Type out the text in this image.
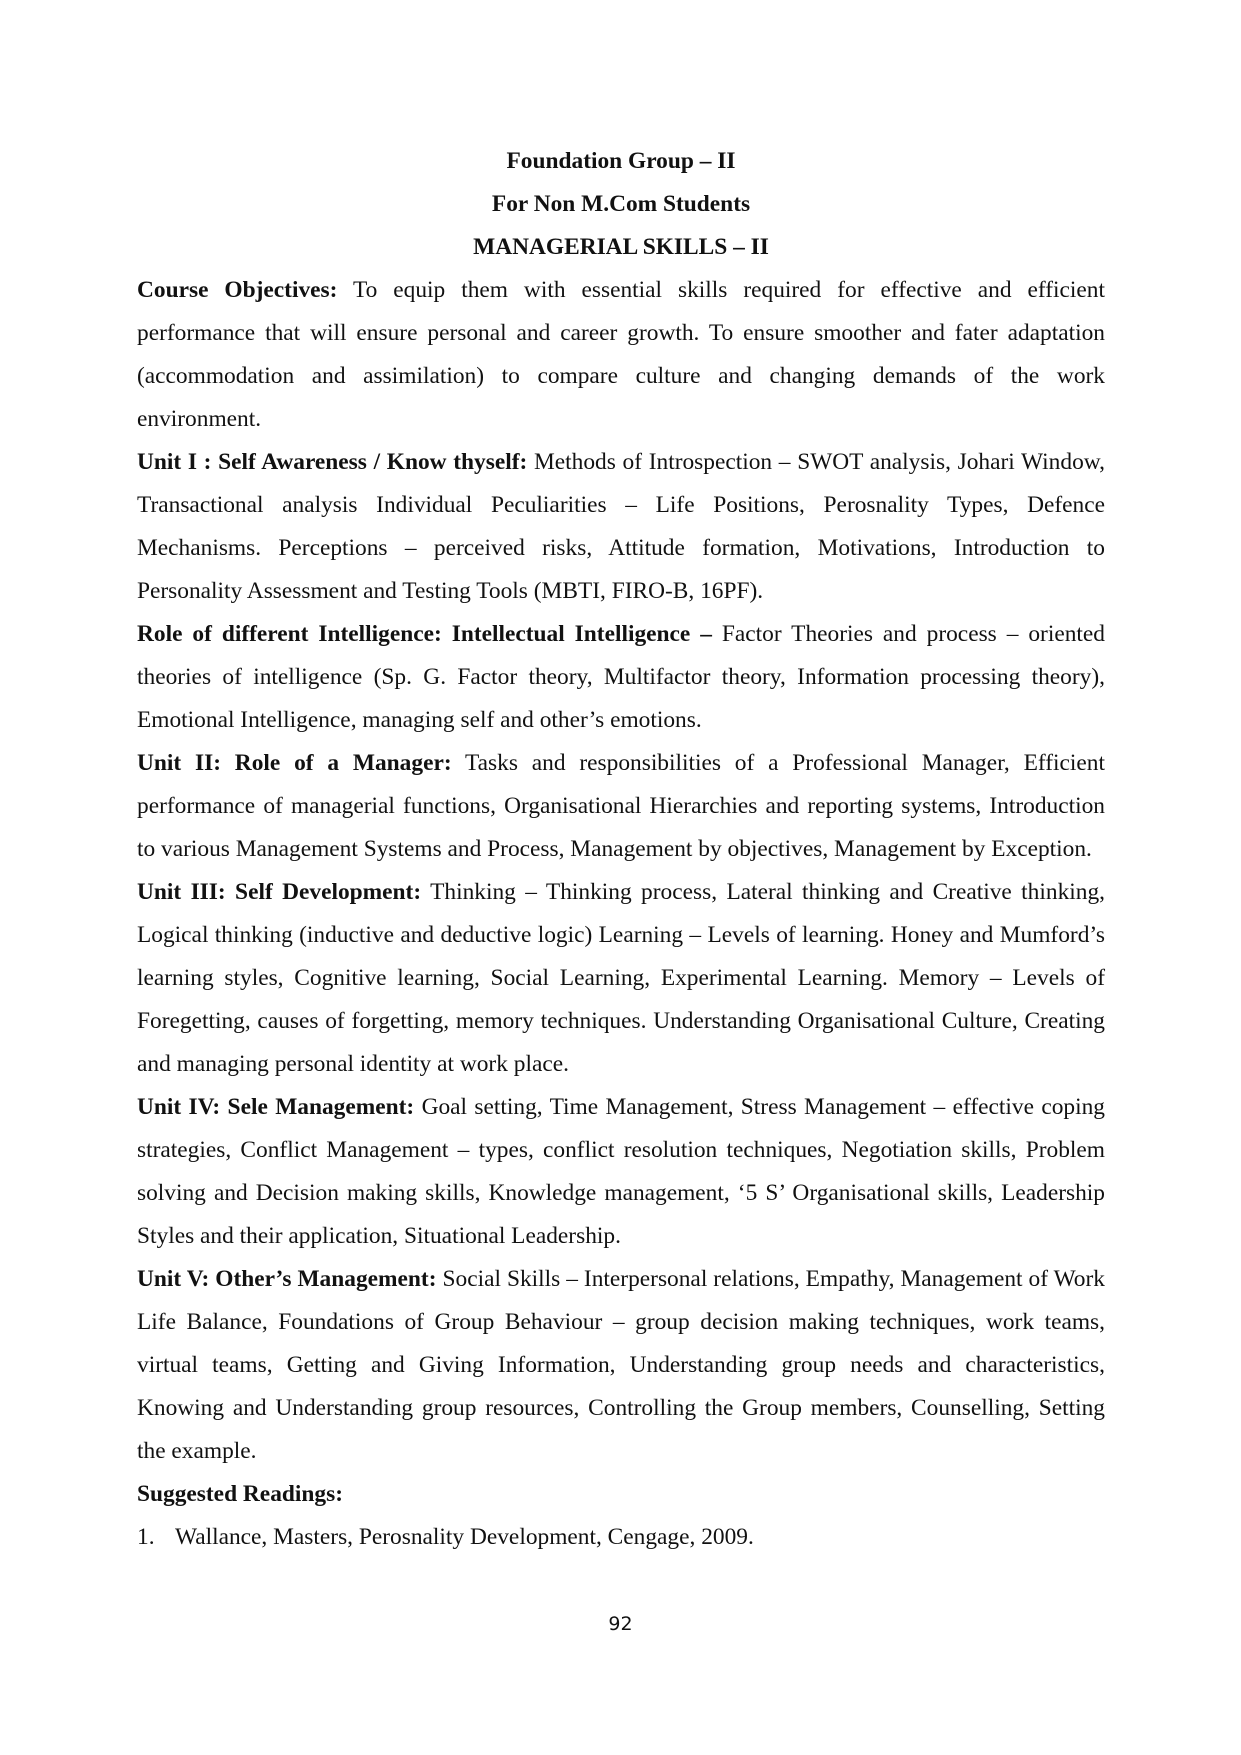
Foundation Group – II

For Non M.Com Students

MANAGERIAL SKILLS – II

Course Objectives: To equip them with essential skills required for effective and efficient performance that will ensure personal and career growth. To ensure smoother and fater adaptation (accommodation and assimilation) to compare culture and changing demands of the work environment.

Unit I : Self Awareness / Know thyself: Methods of Introspection – SWOT analysis, Johari Window, Transactional analysis Individual Peculiarities – Life Positions, Perosnality Types, Defence Mechanisms. Perceptions – perceived risks, Attitude formation, Motivations, Introduction to Personality Assessment and Testing Tools (MBTI, FIRO-B, 16PF).

Role of different Intelligence: Intellectual Intelligence – Factor Theories and process – oriented theories of intelligence (Sp. G. Factor theory, Multifactor theory, Information processing theory), Emotional Intelligence, managing self and other’s emotions.

Unit II: Role of a Manager: Tasks and responsibilities of a Professional Manager, Efficient performance of managerial functions, Organisational Hierarchies and reporting systems, Introduction to various Management Systems and Process, Management by objectives, Management by Exception.

Unit III: Self Development: Thinking – Thinking process, Lateral thinking and Creative thinking, Logical thinking (inductive and deductive logic) Learning – Levels of learning. Honey and Mumford’s learning styles, Cognitive learning, Social Learning, Experimental Learning. Memory – Levels of Foregetting, causes of forgetting, memory techniques. Understanding Organisational Culture, Creating and managing personal identity at work place.

Unit IV: Sele Management: Goal setting, Time Management, Stress Management – effective coping strategies, Conflict Management – types, conflict resolution techniques, Negotiation skills, Problem solving and Decision making skills, Knowledge management, ‘5 S’ Organisational skills, Leadership Styles and their application, Situational Leadership.

Unit V: Other’s Management: Social Skills – Interpersonal relations, Empathy, Management of Work Life Balance, Foundations of Group Behaviour – group decision making techniques, work teams, virtual teams, Getting and Giving Information, Understanding group needs and characteristics, Knowing and Understanding group resources, Controlling the Group members, Counselling, Setting the example.

Suggested Readings:

1. Wallance, Masters, Perosnality Development, Cengage, 2009.
92
